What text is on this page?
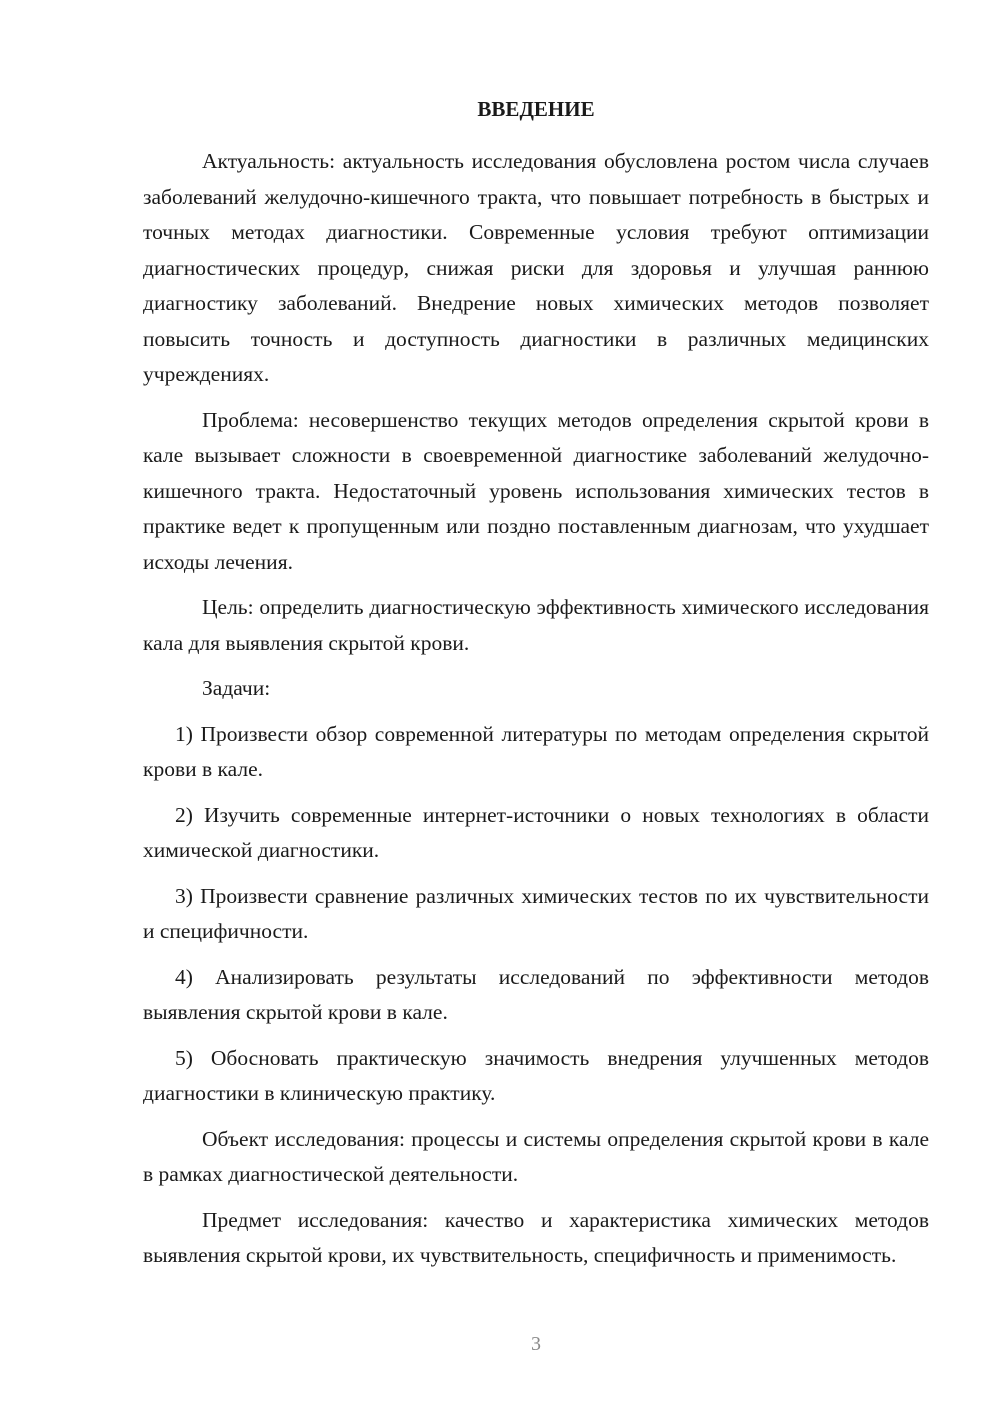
ВВЕДЕНИЕ

Актуальность: актуальность исследования обусловлена ростом числа случаев заболеваний желудочно-кишечного тракта, что повышает потребность в быстрых и точных методах диагностики. Современные условия требуют оптимизации диагностических процедур, снижая риски для здоровья и улучшая раннюю диагностику заболеваний. Внедрение новых химических методов позволяет повысить точность и доступность диагностики в различных медицинских учреждениях.

Проблема: несовершенство текущих методов определения скрытой крови в кале вызывает сложности в своевременной диагностике заболеваний желудочно-кишечного тракта. Недостаточный уровень использования химических тестов в практике ведет к пропущенным или поздно поставленным диагнозам, что ухудшает исходы лечения.

Цель: определить диагностическую эффективность химического исследования кала для выявления скрытой крови.

Задачи:

1) Произвести обзор современной литературы по методам определения скрытой крови в кале.

2) Изучить современные интернет-источники о новых технологиях в области химической диагностики.

3) Произвести сравнение различных химических тестов по их чувствительности и специфичности.

4) Анализировать результаты исследований по эффективности методов выявления скрытой крови в кале.

5) Обосновать практическую значимость внедрения улучшенных методов диагностики в клиническую практику.

Объект исследования: процессы и системы определения скрытой крови в кале в рамках диагностической деятельности.

Предмет исследования: качество и характеристика химических методов выявления скрытой крови, их чувствительность, специфичность и применимость.

3
